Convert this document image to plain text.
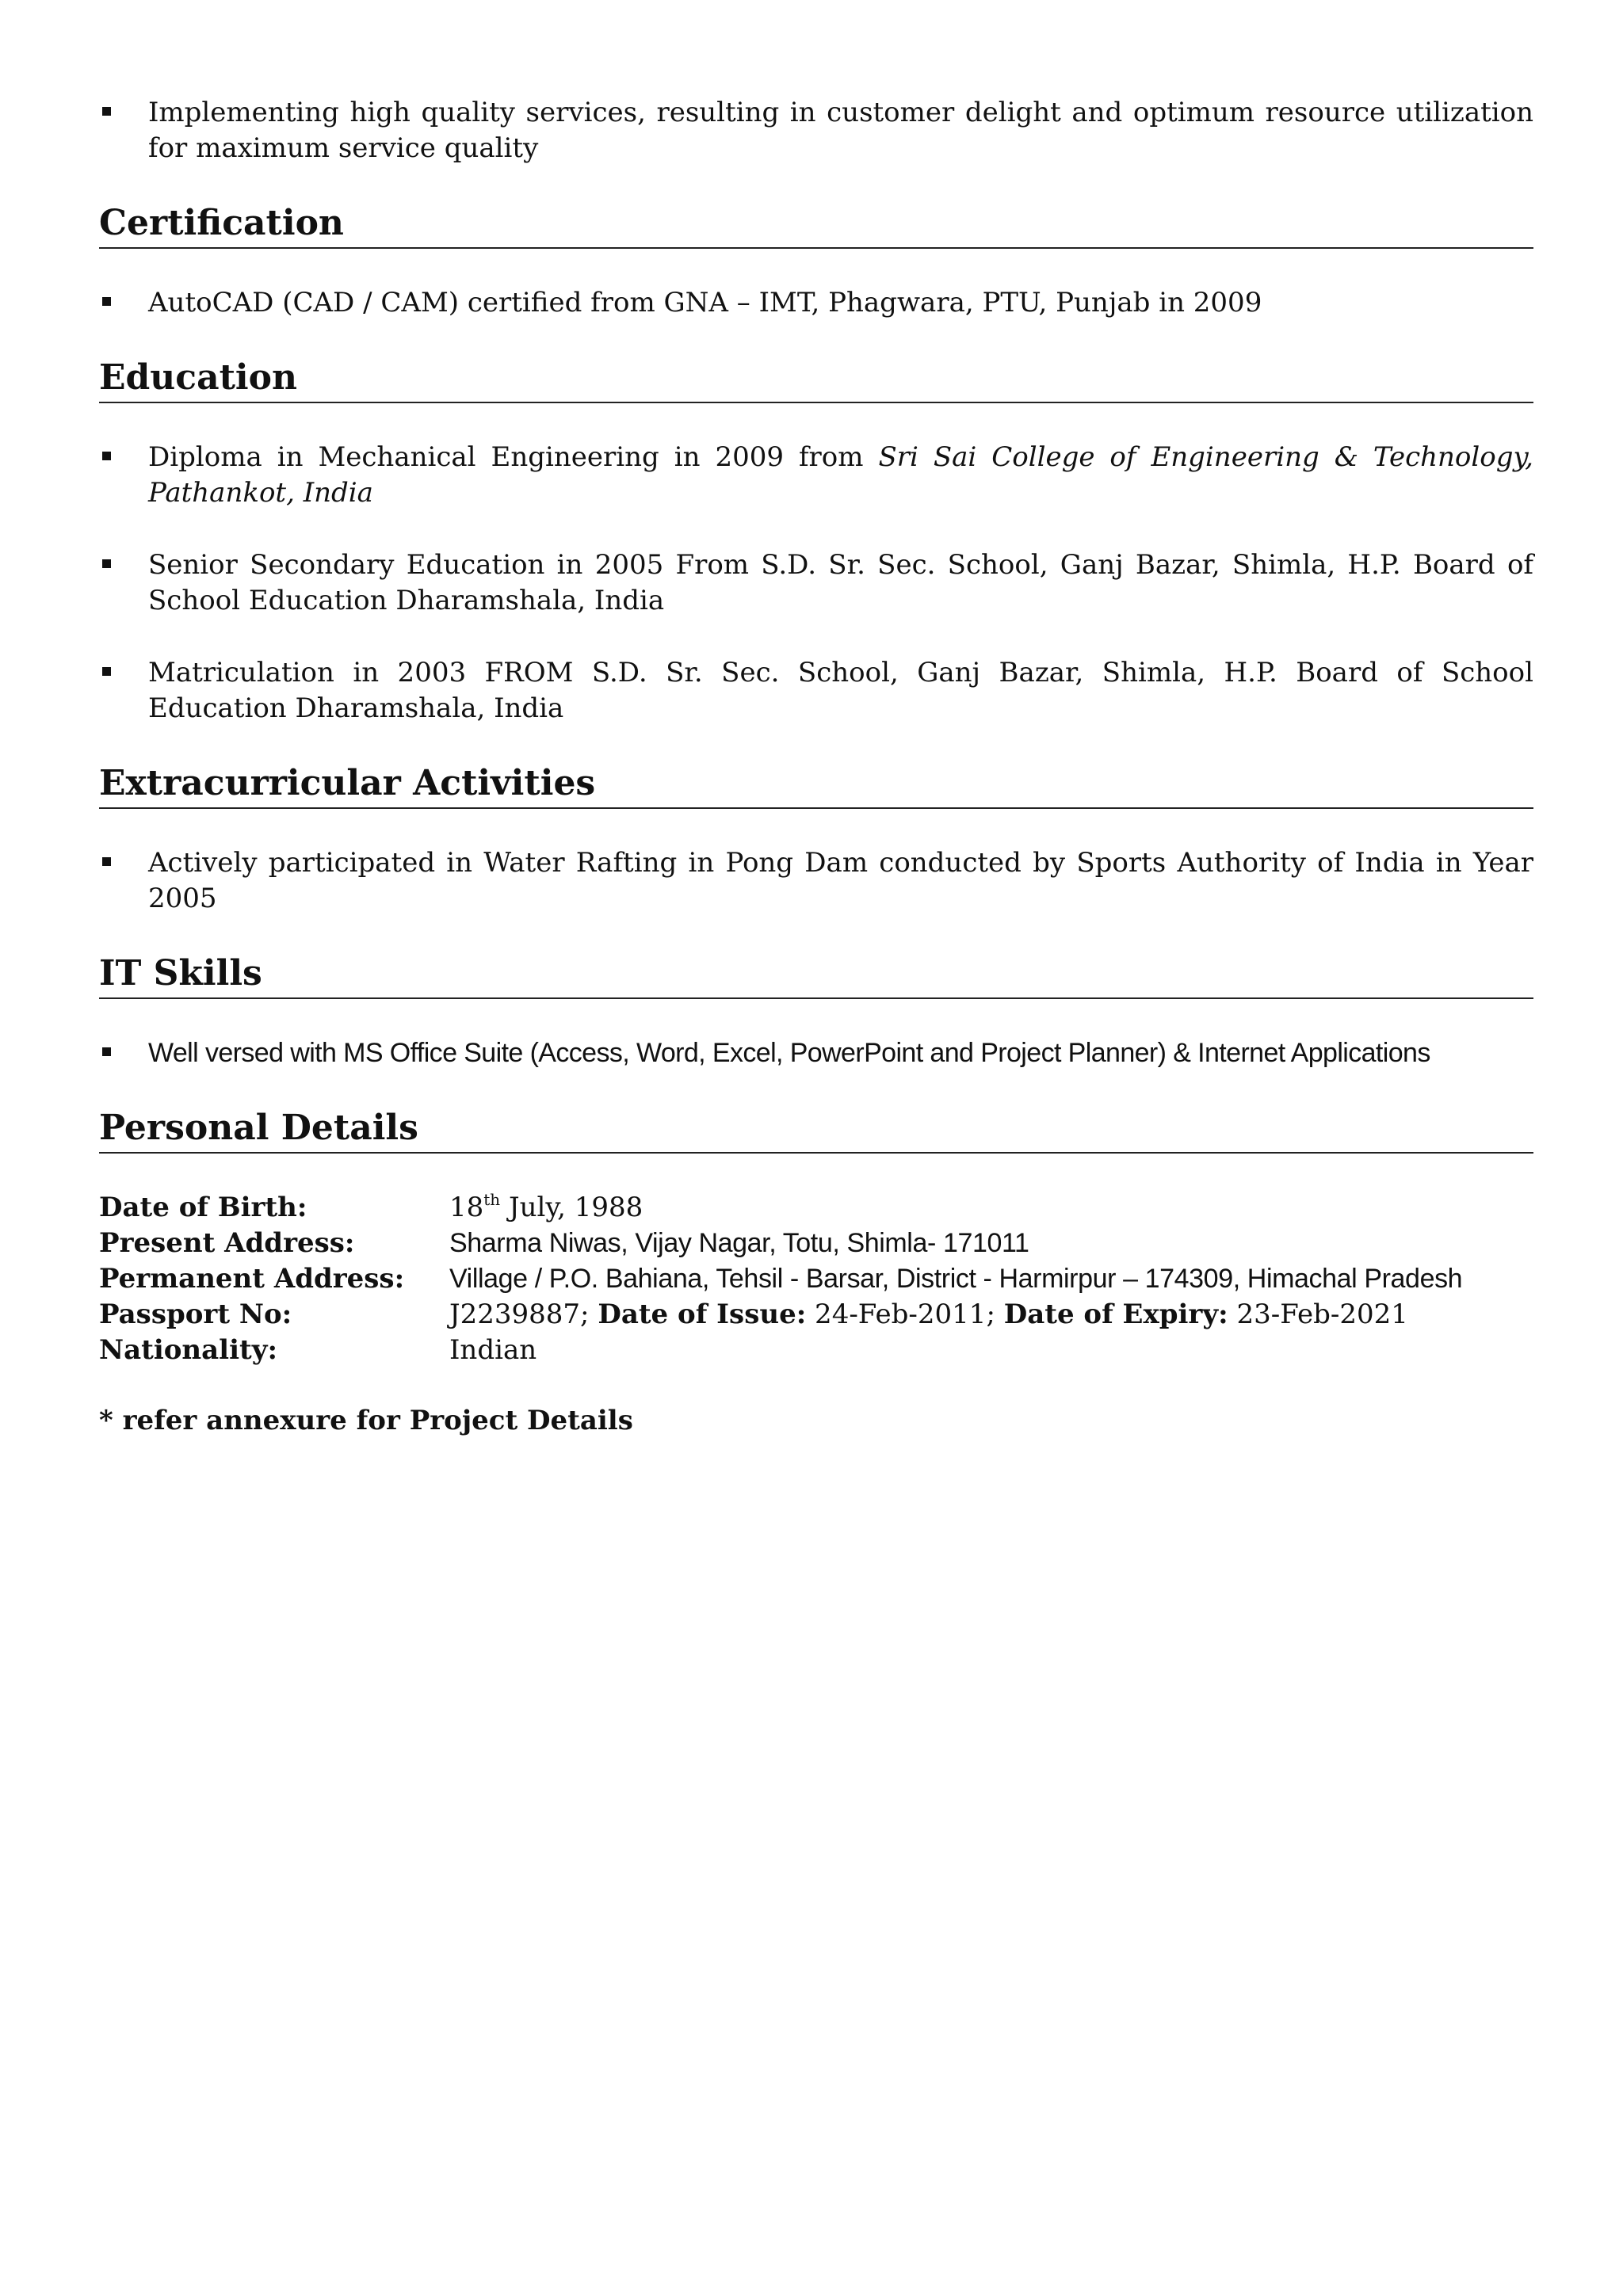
Implementing high quality services, resulting in customer delight and optimum resource utilization for maximum service quality
Certification
AutoCAD (CAD / CAM) certified from GNA – IMT, Phagwara, PTU, Punjab in 2009
Education
Diploma in Mechanical Engineering in 2009 from Sri Sai College of Engineering & Technology, Pathankot, India
Senior Secondary Education in 2005 From S.D. Sr. Sec. School, Ganj Bazar, Shimla, H.P. Board of School Education Dharamshala, India
Matriculation in 2003 FROM S.D. Sr. Sec. School, Ganj Bazar, Shimla, H.P. Board of School Education Dharamshala, India
Extracurricular Activities
Actively participated in Water Rafting in Pong Dam conducted by Sports Authority of India in Year 2005
IT Skills
Well versed with MS Office Suite (Access, Word, Excel, PowerPoint and Project Planner) & Internet Applications
Personal Details
Date of Birth:	18th July, 1988
Present Address:	Sharma Niwas, Vijay Nagar, Totu, Shimla- 171011
Permanent Address:	Village / P.O. Bahiana, Tehsil - Barsar, District - Harmirpur – 174309, Himachal Pradesh
Passport No:	J2239887; Date of Issue: 24-Feb-2011; Date of Expiry: 23-Feb-2021
Nationality:	Indian
* refer annexure for Project Details
